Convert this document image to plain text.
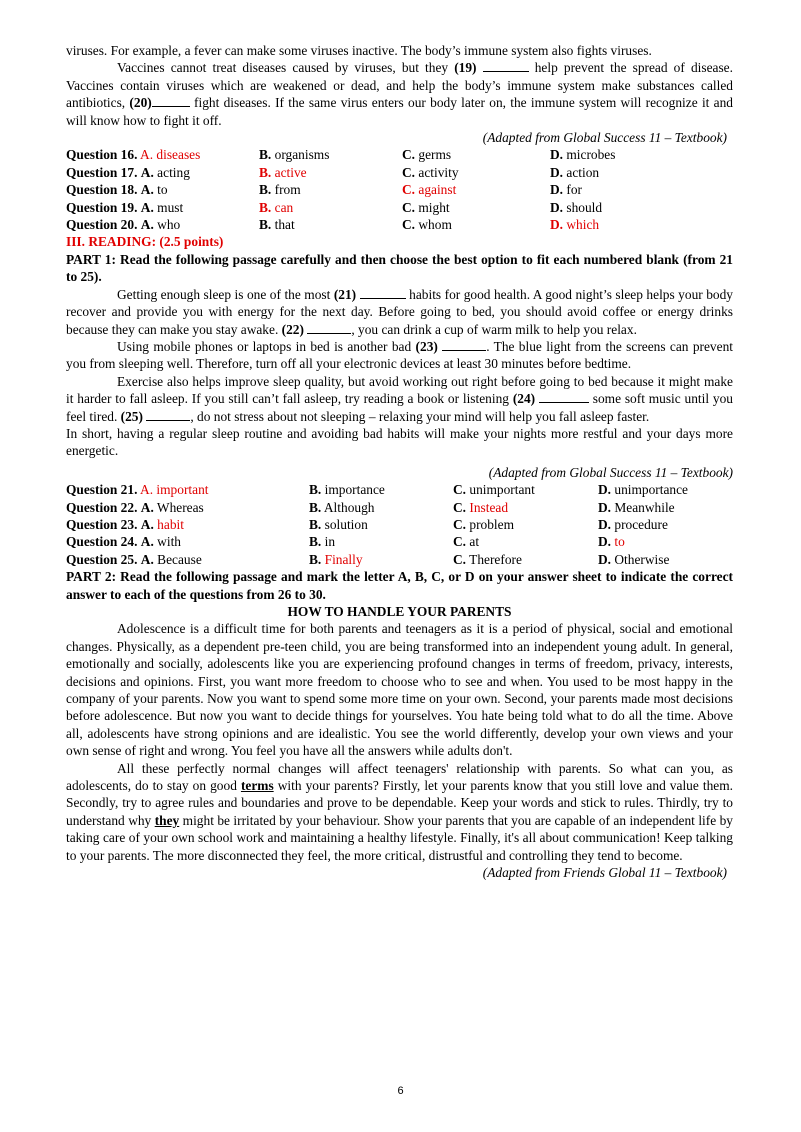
viruses. For example, a fever can make some viruses inactive. The body’s immune system also fights viruses.

Vaccines cannot treat diseases caused by viruses, but they (19)	help prevent the spread of disease. Vaccines contain viruses which are weakened or dead, and help the body’s immune system make substances called antibiotics, (20)	fight diseases. If the same virus enters our body later on, the immune system will recognize it and will know how to fight it off.

(Adapted from Global Success 11 – Textbook)

Question 16. A. diseases	B. organisms	C. germs	D. microbes
Question 17. A. acting	B. active	C. activity	D. action
Question 18. A. to	B. from	C. against	D. for
Question 19. A. must	B. can	C. might	D. should
Question 20. A. who	B. that	C. whom	D. which

III. READING: (2.5 points)

PART 1: Read the following passage carefully and then choose the best option to fit each numbered blank (from 21 to 25).

Getting enough sleep is one of the most (21)	habits for good health. A good night’s sleep helps your body recover and provide you with energy for the next day. Before going to bed, you should avoid coffee or energy drinks because they can make you stay awake. (22)	, you can drink a cup of warm milk to help you relax.

Using mobile phones or laptops in bed is another bad (23)	. The blue light from the screens can prevent you from sleeping well. Therefore, turn off all your electronic devices at least 30 minutes before bedtime.

Exercise also helps improve sleep quality, but avoid working out right before going to bed because it might make it harder to fall asleep. If you still can’t fall asleep, try reading a book or listening (24)	some soft music until you feel tired. (25)	, do not stress about not sleeping – relaxing your mind will help you fall asleep faster.

In short, having a regular sleep routine and avoiding bad habits will make your nights more restful and your days more energetic.

(Adapted from Global Success 11 – Textbook)

Question 21. A. important	B. importance	C. unimportant	D. unimportance
Question 22. A. Whereas	B. Although	C. Instead	D. Meanwhile
Question 23. A. habit	B. solution	C. problem	D. procedure
Question 24. A. with	B. in	C. at	D. to
Question 25. A. Because	B. Finally	C. Therefore	D. Otherwise

PART 2: Read the following passage and mark the letter A, B, C, or D on your answer sheet to indicate the correct answer to each of the questions from 26 to 30.

HOW TO HANDLE YOUR PARENTS

Adolescence is a difficult time for both parents and teenagers as it is a period of physical, social and emotional changes. Physically, as a dependent pre-teen child, you are being transformed into an independent young adult. In general, emotionally and socially, adolescents like you are experiencing profound changes in terms of freedom, privacy, interests, decisions and opinions. First, you want more freedom to choose who to see and when. You used to be most happy in the company of your parents. Now you want to spend some more time on your own. Second, your parents made most decisions before adolescence. But now you want to decide things for yourselves. You hate being told what to do all the time. Above all, adolescents have strong opinions and are idealistic. You see the world differently, develop your own views and your own sense of right and wrong. You feel you have all the answers while adults don't.

All these perfectly normal changes will affect teenagers' relationship with parents. So what can you, as adolescents, do to stay on good terms with your parents? Firstly, let your parents know that you still love and value them. Secondly, try to agree rules and boundaries and prove to be dependable. Keep your words and stick to rules. Thirdly, try to understand why they might be irritated by your behaviour. Show your parents that you are capable of an independent life by taking care of your own school work and maintaining a healthy lifestyle. Finally, it's all about communication! Keep talking to your parents. The more disconnected they feel, the more critical, distrustful and controlling they tend to become.

(Adapted from Friends Global 11 – Textbook)

6
